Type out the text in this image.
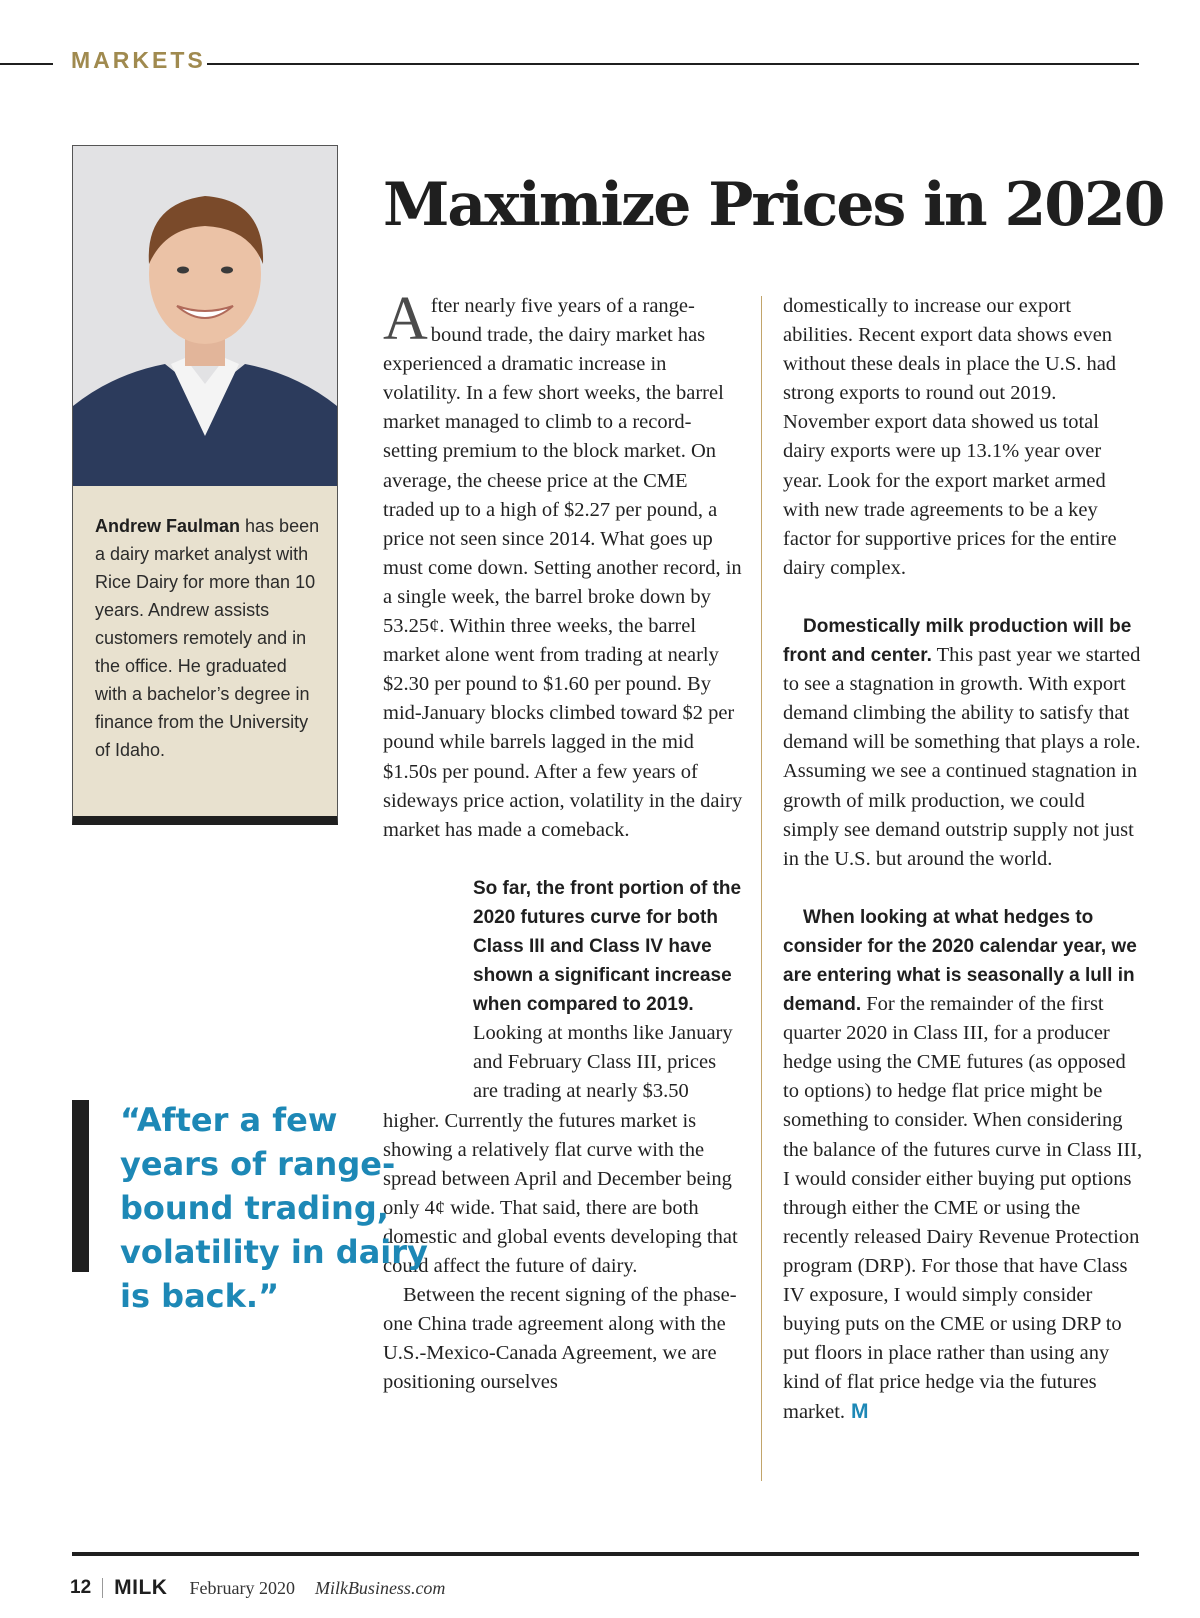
MARKETS

Andrew Faulman has been a dairy market analyst with Rice Dairy for more than 10 years. Andrew assists customers remotely and in the office. He graduated with a bachelor’s degree in finance from the University of Idaho.

Maximize Prices in 2020

After nearly five years of a range-bound trade, the dairy market has experienced a dramatic increase in volatility. In a few short weeks, the barrel market managed to climb to a record-setting premium to the block market. On average, the cheese price at the CME traded up to a high of $2.27 per pound, a price not seen since 2014. What goes up must come down. Setting another record, in a single week, the barrel broke down by 53.25¢. Within three weeks, the barrel market alone went from trading at nearly $2.30 per pound to $1.60 per pound. By mid-January blocks climbed toward $2 per pound while barrels lagged in the mid $1.50s per pound. After a few years of sideways price action, volatility in the dairy market has made a comeback.

So far, the front portion of the 2020 futures curve for both Class III and Class IV have shown a significant increase when compared to 2019.
Looking at months like January and February Class III, prices are trading at nearly $3.50 higher. Currently the futures market is showing a relatively flat curve with the spread between April and December being only 4¢ wide. That said, there are both domestic and global events developing that could affect the future of dairy.

Between the recent signing of the phase-one China trade agreement along with the U.S.-Mexico-Canada Agreement, we are positioning ourselves

domestically to increase our export abilities. Recent export data shows even without these deals in place the U.S. had strong exports to round out 2019. November export data showed us total dairy exports were up 13.1% year over year. Look for the export market armed with new trade agreements to be a key factor for supportive prices for the entire dairy complex.

Domestically milk production will be front and center. This past year we started to see a stagnation in growth. With export demand climbing the ability to satisfy that demand will be something that plays a role. Assuming we see a continued stagnation in growth of milk production, we could simply see demand outstrip supply not just in the U.S. but around the world.

When looking at what hedges to consider for the 2020 calendar year, we are entering what is seasonally a lull in demand. For the remainder of the first quarter 2020 in Class III, for a producer hedge using the CME futures (as opposed to options) to hedge flat price might be something to consider. When considering the balance of the futures curve in Class III, I would consider either buying put options through either the CME or using the recently released Dairy Revenue Protection program (DRP). For those that have Class IV exposure, I would simply consider buying puts on the CME or using DRP to put floors in place rather than using any kind of flat price hedge via the futures market. M

“After a few years of range-bound trading, volatility in dairy is back.”

12 MILK February 2020 MilkBusiness.com
